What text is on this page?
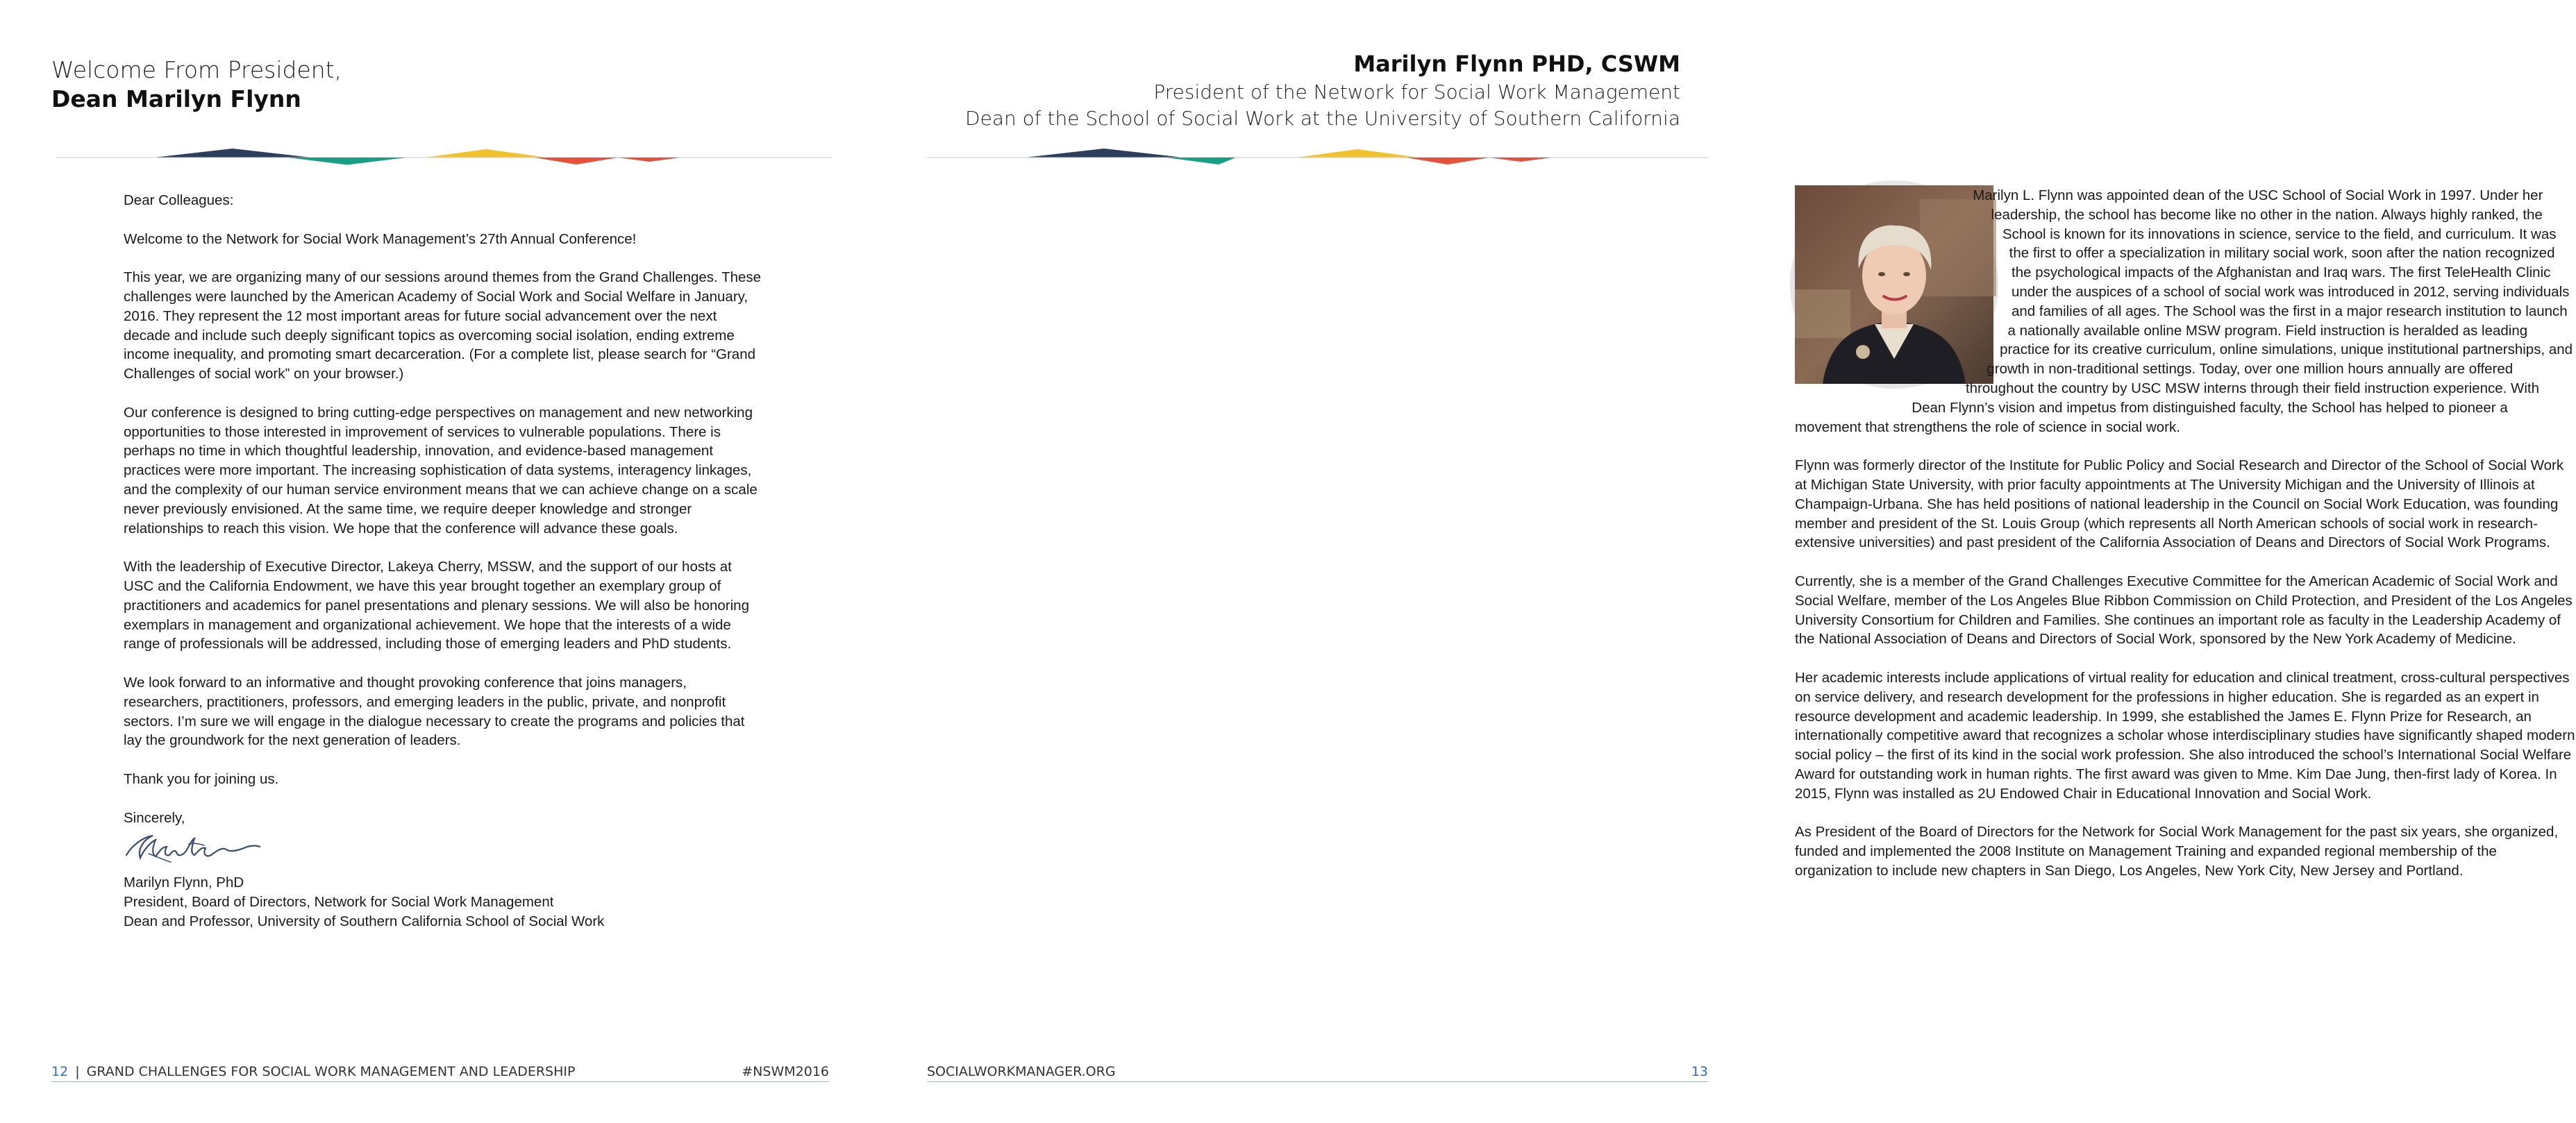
Welcome From President,
Dean Marilyn Flynn

Dear Colleagues:

Welcome to the Network for Social Work Management’s 27th Annual Conference!

This year, we are organizing many of our sessions around themes from the Grand Challenges. These challenges were launched by the American Academy of Social Work and Social Welfare in January, 2016. They represent the 12 most important areas for future social advancement over the next decade and include such deeply significant topics as overcoming social isolation, ending extreme income inequality, and promoting smart decarceration. (For a complete list, please search for “Grand Challenges of social work” on your browser.)

Our conference is designed to bring cutting-edge perspectives on management and new networking opportunities to those interested in improvement of services to vulnerable populations. There is perhaps no time in which thoughtful leadership, innovation, and evidence-based management practices were more important. The increasing sophistication of data systems, interagency linkages, and the complexity of our human service environment means that we can achieve change on a scale never previously envisioned. At the same time, we require deeper knowledge and stronger relationships to reach this vision. We hope that the conference will advance these goals.

With the leadership of Executive Director, Lakeya Cherry, MSSW, and the support of our hosts at USC and the California Endowment, we have this year brought together an exemplary group of practitioners and academics for panel presentations and plenary sessions. We will also be honoring exemplars in management and organizational achievement. We hope that the interests of a wide range of professionals will be addressed, including those of emerging leaders and PhD students.

We look forward to an informative and thought provoking conference that joins managers, researchers, practitioners, professors, and emerging leaders in the public, private, and nonprofit sectors. I’m sure we will engage in the dialogue necessary to create the programs and policies that lay the groundwork for the next generation of leaders.

Thank you for joining us.

Sincerely,

Marilyn Flynn, PhD
President, Board of Directors, Network for Social Work Management
Dean and Professor, University of Southern California School of Social Work
12 | GRAND CHALLENGES FOR SOCIAL WORK MANAGEMENT AND LEADERSHIP	#NSWM2016
Marilyn Flynn PHD, CSWM
President of the Network for Social Work Management
Dean of the School of Social Work at the University of Southern California

Marilyn L. Flynn was appointed dean of the USC School of Social Work in 1997. Under her leadership, the school has become like no other in the nation. Always highly ranked, the School is known for its innovations in science, service to the field, and curriculum. It was the first to offer a specialization in military social work, soon after the nation recognized the psychological impacts of the Afghanistan and Iraq wars. The first TeleHealth Clinic under the auspices of a school of social work was introduced in 2012, serving individuals and families of all ages. The School was the first in a major research institution to launch a nationally available online MSW program. Field instruction is heralded as leading practice for its creative curriculum, online simulations, unique institutional partnerships, and growth in non-traditional settings. Today, over one million hours annually are offered throughout the country by USC MSW interns through their field instruction experience. With Dean Flynn’s vision and impetus from distinguished faculty, the School has helped to pioneer a movement that strengthens the role of science in social work.

Flynn was formerly director of the Institute for Public Policy and Social Research and Director of the School of Social Work at Michigan State University, with prior faculty appointments at The University Michigan and the University of Illinois at Champaign-Urbana. She has held positions of national leadership in the Council on Social Work Education, was founding member and president of the St. Louis Group (which represents all North American schools of social work in research-extensive universities) and past president of the California Association of Deans and Directors of Social Work Programs.

Currently, she is a member of the Grand Challenges Executive Committee for the American Academic of Social Work and Social Welfare, member of the Los Angeles Blue Ribbon Commission on Child Protection, and President of the Los Angeles University Consortium for Children and Families. She continues an important role as faculty in the Leadership Academy of the National Association of Deans and Directors of Social Work, sponsored by the New York Academy of Medicine.

Her academic interests include applications of virtual reality for education and clinical treatment, cross-cultural perspectives on service delivery, and research development for the professions in higher education. She is regarded as an expert in resource development and academic leadership. In 1999, she established the James E. Flynn Prize for Research, an internationally competitive award that recognizes a scholar whose interdisciplinary studies have significantly shaped modern social policy – the first of its kind in the social work profession. She also introduced the school’s International Social Welfare Award for outstanding work in human rights. The first award was given to Mme. Kim Dae Jung, then-first lady of Korea. In 2015, Flynn was installed as 2U Endowed Chair in Educational Innovation and Social Work.

As President of the Board of Directors for the Network for Social Work Management for the past six years, she organized, funded and implemented the 2008 Institute on Management Training and expanded regional membership of the organization to include new chapters in San Diego, Los Angeles, New York City, New Jersey and Portland.

SOCIALWORKMANAGER.ORG	13
